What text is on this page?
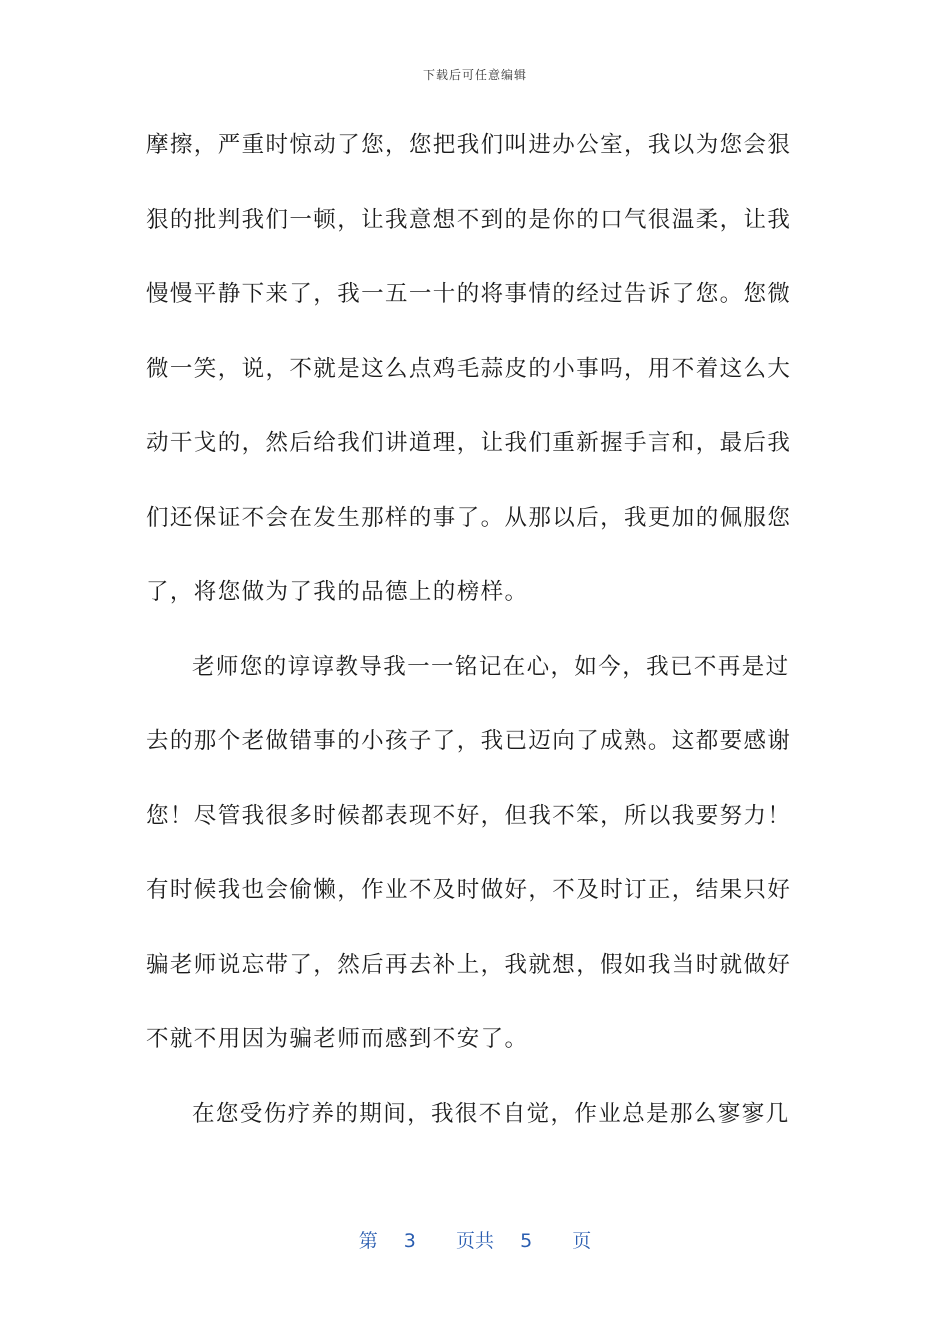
下载后可任意编辑
摩擦，严重时惊动了您，您把我们叫进办公室，我以为您会狠
狠的批判我们一顿，让我意想不到的是你的口气很温柔，让我
慢慢平静下来了，我一五一十的将事情的经过告诉了您。您微
微一笑，说，不就是这么点鸡毛蒜皮的小事吗，用不着这么大
动干戈的，然后给我们讲道理，让我们重新握手言和，最后我
们还保证不会在发生那样的事了。从那以后，我更加的佩服您
了，将您做为了我的品德上的榜样。
老师您的谆谆教导我一一铭记在心，如今，我已不再是过
去的那个老做错事的小孩子了，我已迈向了成熟。这都要感谢
您！尽管我很多时候都表现不好，但我不笨，所以我要努力！
有时候我也会偷懒，作业不及时做好，不及时订正，结果只好
骗老师说忘带了，然后再去补上，我就想，假如我当时就做好
不就不用因为骗老师而感到不安了。
在您受伤疗养的期间，我很不自觉，作业总是那么寥寥几
第 3 页共 5 页
